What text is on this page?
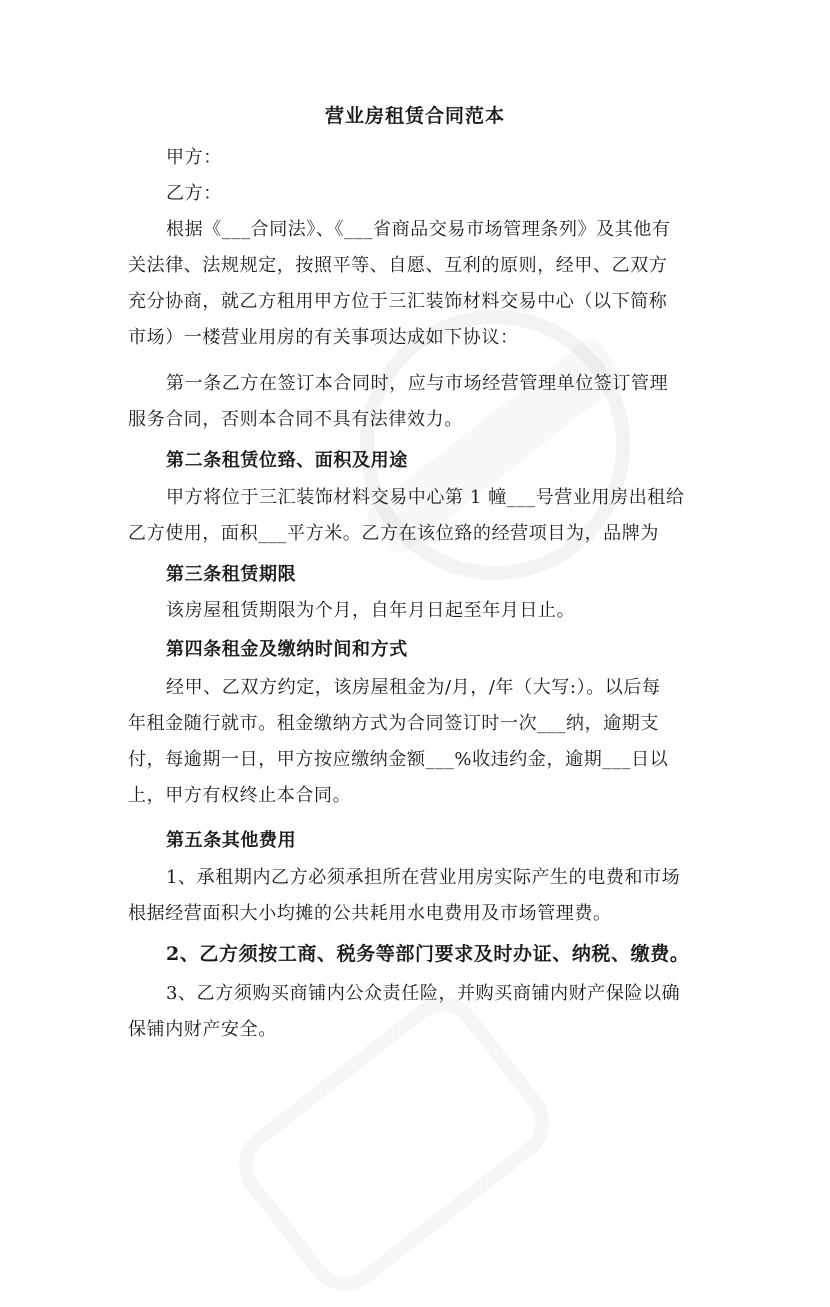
营业房租赁合同范本

甲方：

乙方：

根据《___合同法》、《___省商品交易市场管理条列》及其他有
关法律、法规规定，按照平等、自愿、互利的原则，经甲、乙双方
充分协商，就乙方租用甲方位于三汇装饰材料交易中心（以下简称
市场）一楼营业用房的有关事项达成如下协议：

第一条乙方在签订本合同时，应与市场经营管理单位签订管理
服务合同，否则本合同不具有法律效力。

第二条租赁位臵、面积及用途

甲方将位于三汇装饰材料交易中心第 1 幢___号营业用房出租给
乙方使用，面积___平方米。乙方在该位臵的经营项目为，品牌为

第三条租赁期限

该房屋租赁期限为个月，自年月日起至年月日止。

第四条租金及缴纳时间和方式

经甲、乙双方约定，该房屋租金为/月，/年（大写:）。以后每
年租金随行就市。租金缴纳方式为合同签订时一次___纳，逾期支
付，每逾期一日，甲方按应缴纳金额___%收违约金，逾期___日以
上，甲方有权终止本合同。

第五条其他费用

1、承租期内乙方必须承担所在营业用房实际产生的电费和市场
根据经营面积大小均摊的公共耗用水电费用及市场管理费。

2、乙方须按工商、税务等部门要求及时办证、纳税、缴费。

3、乙方须购买商铺内公众责任险，并购买商铺内财产保险以确
保铺内财产安全。
